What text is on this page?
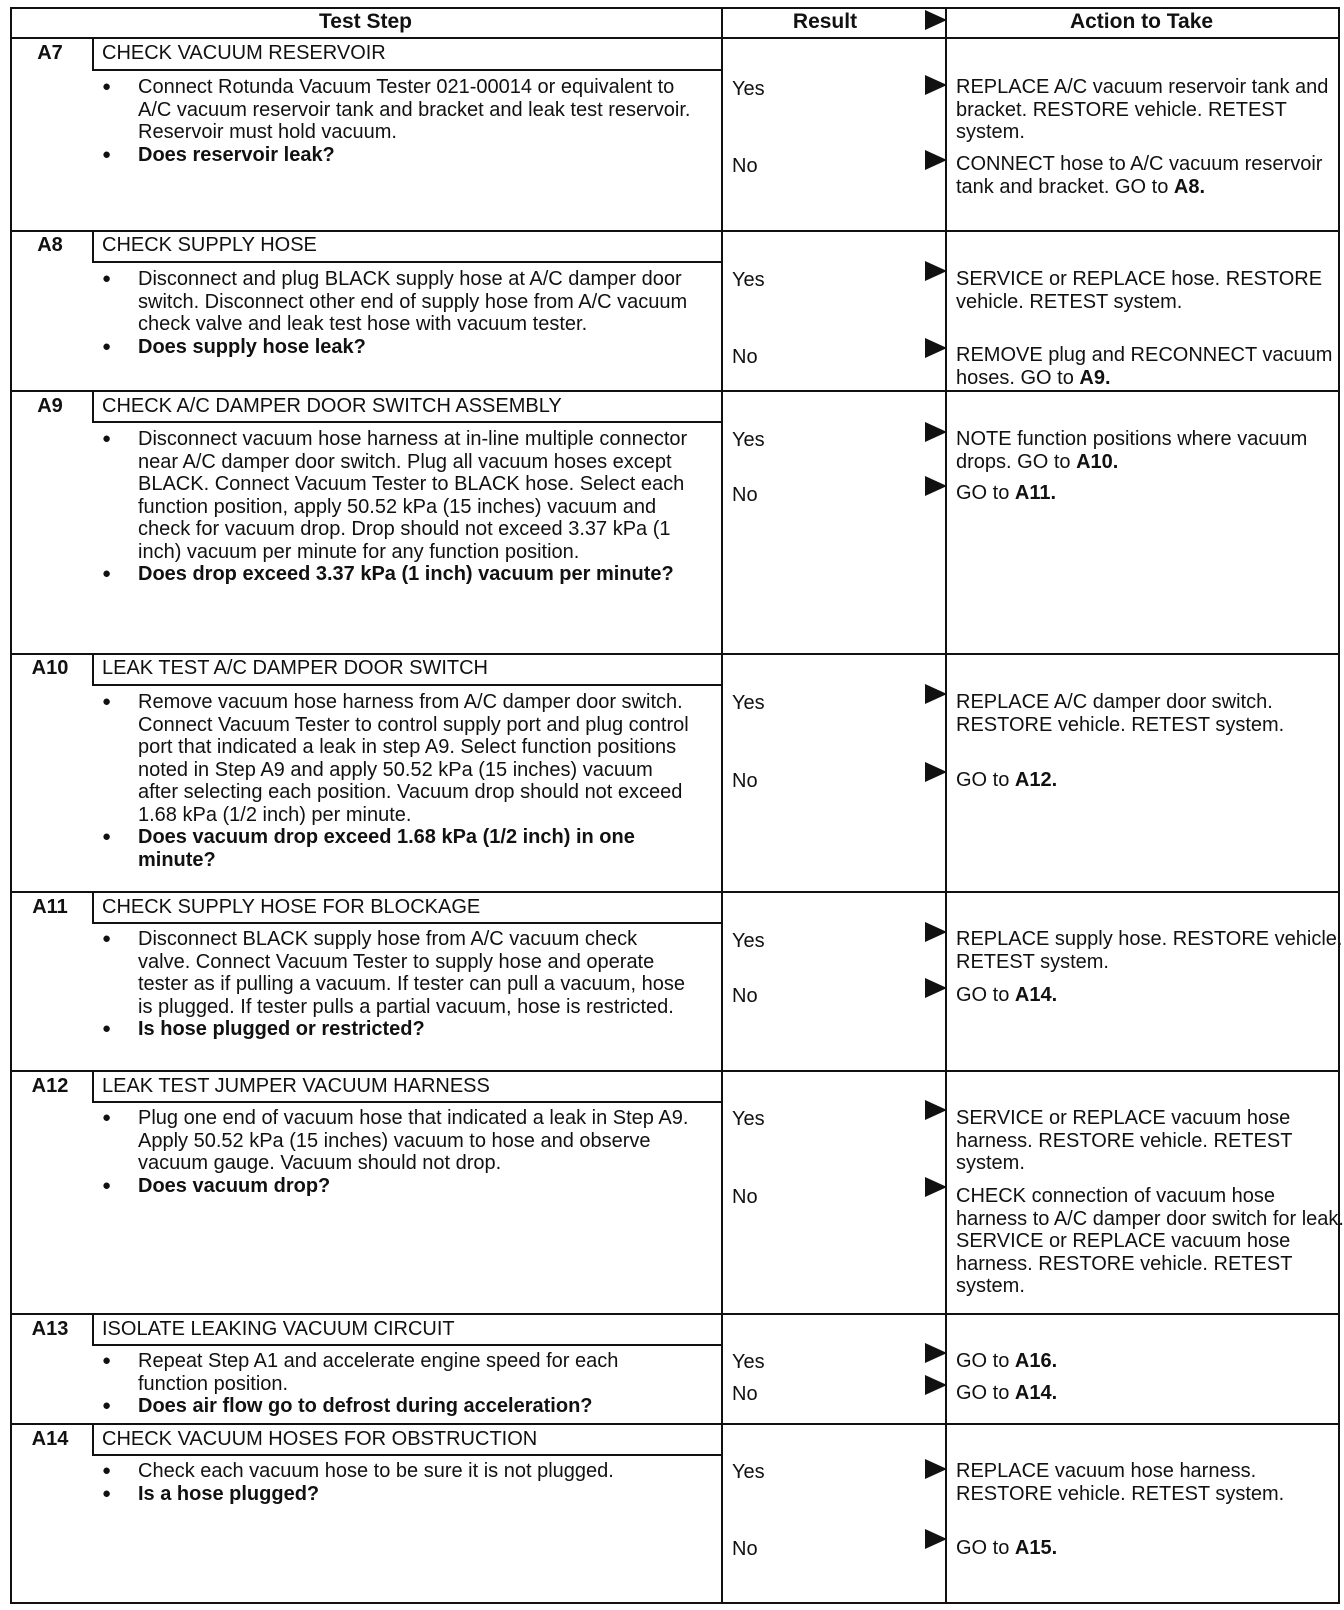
Test Step	Result	Action to Take
A7	CHECK VACUUM RESERVOIR
● Connect Rotunda Vacuum Tester 021-00014 or equivalent to A/C vacuum reservoir tank and bracket and leak test reservoir. Reservoir must hold vacuum.
● Does reservoir leak?
Yes	REPLACE A/C vacuum reservoir tank and bracket. RESTORE vehicle. RETEST system.
No	CONNECT hose to A/C vacuum reservoir tank and bracket. GO to A8.
A8	CHECK SUPPLY HOSE
● Disconnect and plug BLACK supply hose at A/C damper door switch. Disconnect other end of supply hose from A/C vacuum check valve and leak test hose with vacuum tester.
● Does supply hose leak?
Yes	SERVICE or REPLACE hose. RESTORE vehicle. RETEST system.
No	REMOVE plug and RECONNECT vacuum hoses. GO to A9.
A9	CHECK A/C DAMPER DOOR SWITCH ASSEMBLY
● Disconnect vacuum hose harness at in-line multiple connector near A/C damper door switch. Plug all vacuum hoses except BLACK. Connect Vacuum Tester to BLACK hose. Select each function position, apply 50.52 kPa (15 inches) vacuum and check for vacuum drop. Drop should not exceed 3.37 kPa (1 inch) vacuum per minute for any function position.
● Does drop exceed 3.37 kPa (1 inch) vacuum per minute?
Yes	NOTE function positions where vacuum drops. GO to A10.
No	GO to A11.
A10	LEAK TEST A/C DAMPER DOOR SWITCH
● Remove vacuum hose harness from A/C damper door switch. Connect Vacuum Tester to control supply port and plug control port that indicated a leak in step A9. Select function positions noted in Step A9 and apply 50.52 kPa (15 inches) vacuum after selecting each position. Vacuum drop should not exceed 1.68 kPa (1/2 inch) per minute.
● Does vacuum drop exceed 1.68 kPa (1/2 inch) in one minute?
Yes	REPLACE A/C damper door switch. RESTORE vehicle. RETEST system.
No	GO to A12.
A11	CHECK SUPPLY HOSE FOR BLOCKAGE
● Disconnect BLACK supply hose from A/C vacuum check valve. Connect Vacuum Tester to supply hose and operate tester as if pulling a vacuum. If tester can pull a vacuum, hose is plugged. If tester pulls a partial vacuum, hose is restricted.
● Is hose plugged or restricted?
Yes	REPLACE supply hose. RESTORE vehicle. RETEST system.
No	GO to A14.
A12	LEAK TEST JUMPER VACUUM HARNESS
● Plug one end of vacuum hose that indicated a leak in Step A9. Apply 50.52 kPa (15 inches) vacuum to hose and observe vacuum gauge. Vacuum should not drop.
● Does vacuum drop?
Yes	SERVICE or REPLACE vacuum hose harness. RESTORE vehicle. RETEST system.
No	CHECK connection of vacuum hose harness to A/C damper door switch for leak. SERVICE or REPLACE vacuum hose harness. RESTORE vehicle. RETEST system.
A13	ISOLATE LEAKING VACUUM CIRCUIT
● Repeat Step A1 and accelerate engine speed for each function position.
● Does air flow go to defrost during acceleration?
Yes	GO to A16.
No	GO to A14.
A14	CHECK VACUUM HOSES FOR OBSTRUCTION
● Check each vacuum hose to be sure it is not plugged.
● Is a hose plugged?
Yes	REPLACE vacuum hose harness. RESTORE vehicle. RETEST system.
No	GO to A15.
